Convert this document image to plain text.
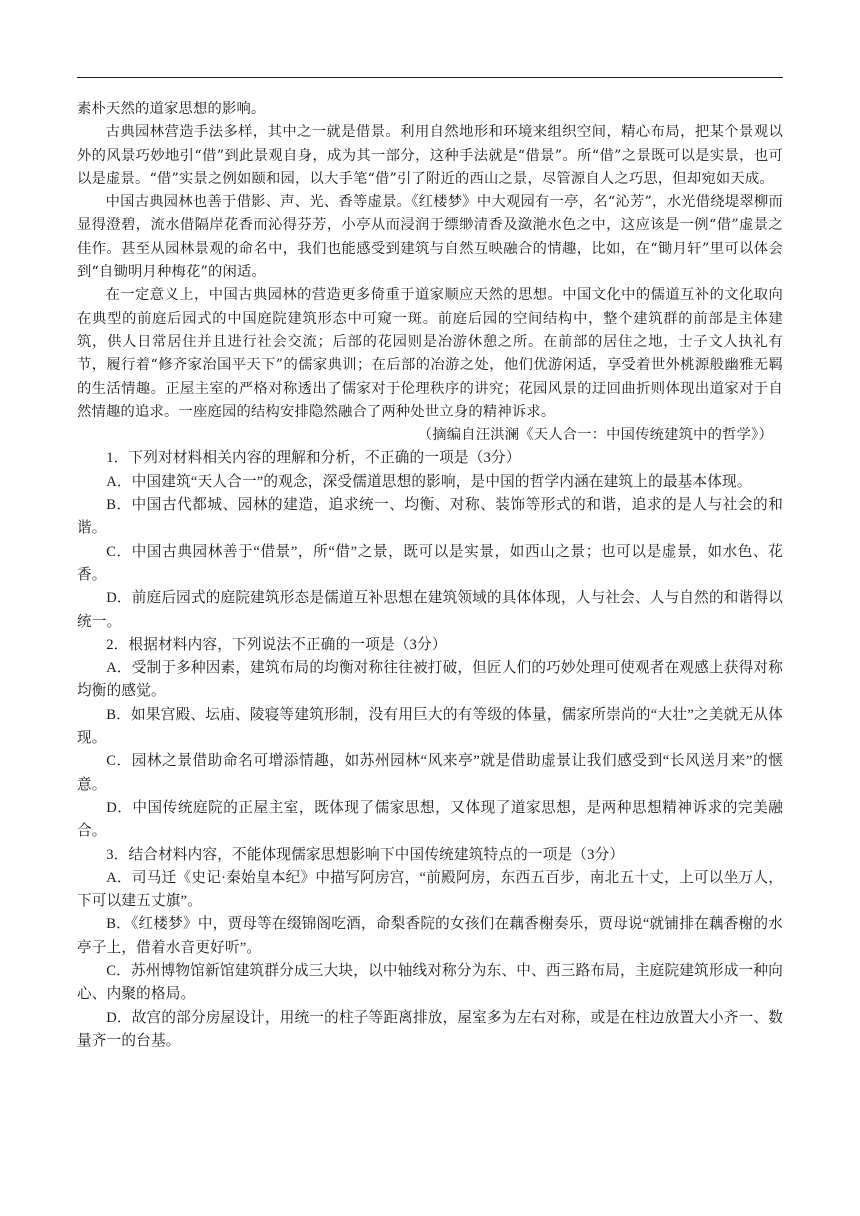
素朴天然的道家思想的影响。

古典园林营造手法多样，其中之一就是借景。利用自然地形和环境来组织空间，精心布局，把某个景观以外的风景巧妙地引“借”到此景观自身，成为其一部分，这种手法就是“借景”。所“借”之景既可以是实景，也可以是虚景。“借”实景之例如颐和园，以大手笔“借”引了附近的西山之景，尽管源自人之巧思，但却宛如天成。

中国古典园林也善于借影、声、光、香等虚景。《红楼梦》中大观园有一亭，名“沁芳”，水光借绕堤翠柳而显得澄碧，流水借隔岸花香而沁得芬芳，小亭从而浸润于缥缈清香及潋滟水色之中，这应该是一例“借”虚景之佳作。甚至从园林景观的命名中，我们也能感受到建筑与自然互映融合的情趣，比如，在“锄月轩”里可以体会到“自锄明月种梅花”的闲适。

在一定意义上，中国古典园林的营造更多倚重于道家顺应天然的思想。中国文化中的儒道互补的文化取向在典型的前庭后园式的中国庭院建筑形态中可窥一斑。前庭后园的空间结构中，整个建筑群的前部是主体建筑，供人日常居住并且进行社会交流；后部的花园则是冶游休憩之所。在前部的居住之地，士子文人执礼有节，履行着“修齐家治国平天下”的儒家典训；在后部的冶游之处，他们优游闲适，享受着世外桃源般幽雅无羁的生活情趣。正屋主室的严格对称透出了儒家对于伦理秩序的讲究；花园风景的迂回曲折则体现出道家对于自然情趣的追求。一座庭园的结构安排隐然融合了两种处世立身的精神诉求。

（摘编自汪洪澜《天人合一：中国传统建筑中的哲学》）

1．下列对材料相关内容的理解和分析，不正确的一项是（3分）

A．中国建筑“天人合一”的观念，深受儒道思想的影响，是中国的哲学内涵在建筑上的最基本体现。

B．中国古代都城、园林的建造，追求统一、均衡、对称、装饰等形式的和谐，追求的是人与社会的和谐。

C．中国古典园林善于“借景”，所“借”之景，既可以是实景，如西山之景；也可以是虚景，如水色、花香。

D．前庭后园式的庭院建筑形态是儒道互补思想在建筑领域的具体体现，人与社会、人与自然的和谐得以统一。

2．根据材料内容，下列说法不正确的一项是（3分）

A．受制于多种因素，建筑布局的均衡对称往往被打破，但匠人们的巧妙处理可使观者在观感上获得对称均衡的感觉。

B．如果宫殿、坛庙、陵寝等建筑形制，没有用巨大的有等级的体量，儒家所崇尚的“大壮”之美就无从体现。

C．园林之景借助命名可增添情趣，如苏州园林“风来亭”就是借助虚景让我们感受到“长风送月来”的惬意。

D．中国传统庭院的正屋主室，既体现了儒家思想，又体现了道家思想，是两种思想精神诉求的完美融合。

3．结合材料内容，不能体现儒家思想影响下中国传统建筑特点的一项是（3分）

A．司马迁《史记·秦始皇本纪》中描写阿房宫，“前殿阿房，东西五百步，南北五十丈，上可以坐万人，下可以建五丈旗”。

B．《红楼梦》中，贾母等在缀锦阁吃酒，命梨香院的女孩们在藕香榭奏乐，贾母说“就铺排在藕香榭的水亭子上，借着水音更好听”。

C．苏州博物馆新馆建筑群分成三大块，以中轴线对称分为东、中、西三路布局，主庭院建筑形成一种向心、内聚的格局。

D．故宫的部分房屋设计，用统一的柱子等距离排放，屋室多为左右对称，或是在柱边放置大小齐一、数量齐一的台基。
